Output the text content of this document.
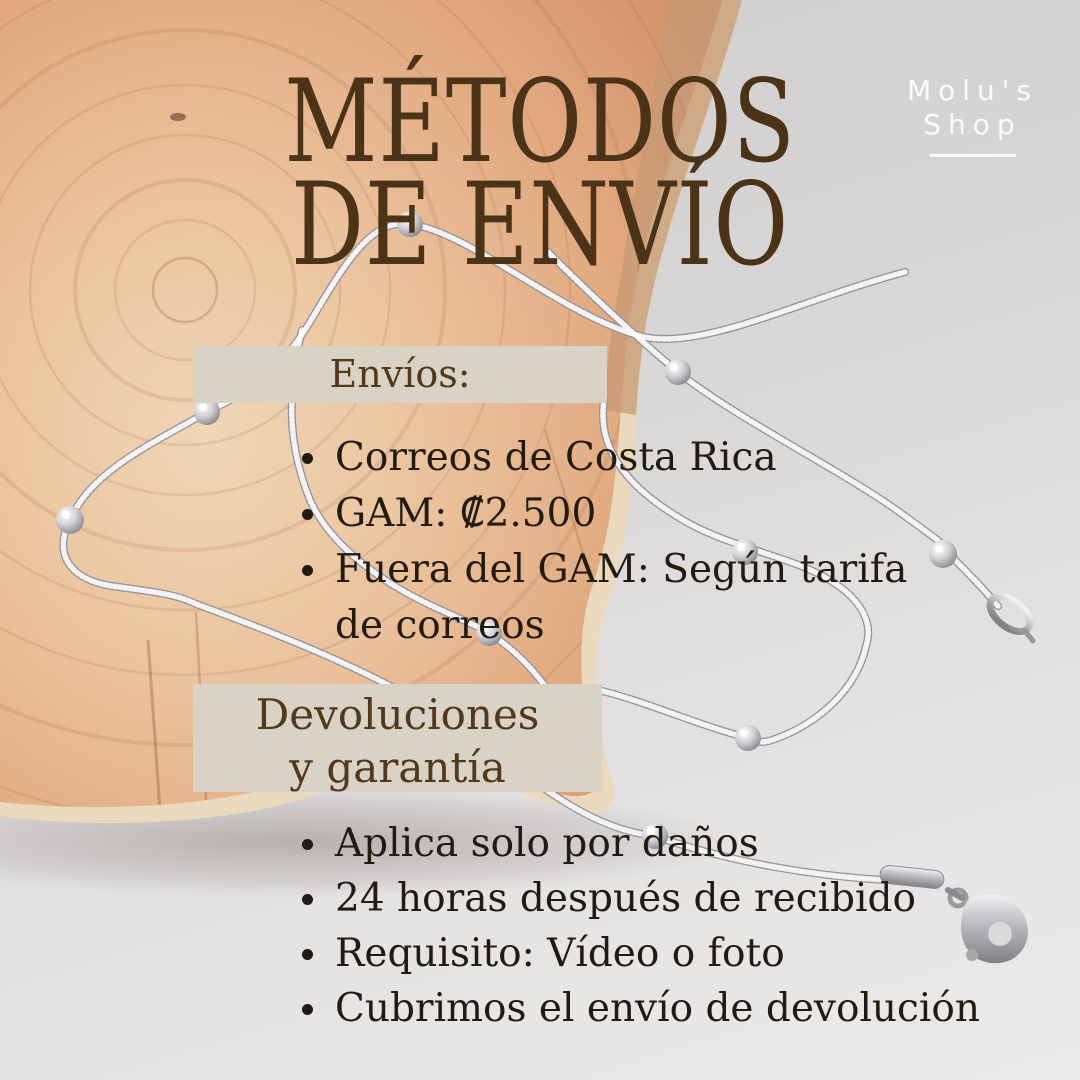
Molu's
Shop
MÉTODOS
DE ENVÍO
Envíos:
Correos de Costa Rica
GAM: ₡2.500
Fuera del GAM: Según tarifa de correos
Devoluciones
y garantía
Aplica solo por daños
24 horas después de recibido
Requisito: Vídeo o foto
Cubrimos el envío de devolución
